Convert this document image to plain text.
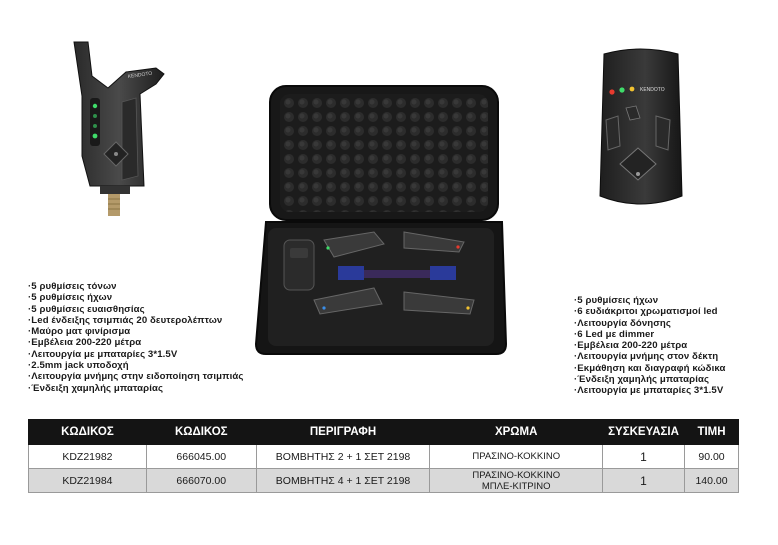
KENDOTO
KENDOTO
·5 ρυθμίσεις τόνων
·5 ρυθμίσεις ήχων
·5 ρυθμίσεις ευαισθησίας
·Led ένδειξης τσιμπιάς 20 δευτερολέπτων
·Μαύρο ματ φινίρισμα
·Εμβέλεια 200-220 μέτρα
·Λειτουργία με μπαταρίες 3*1.5V
·2.5mm jack υποδοχή
·Λειτουργία μνήμης στην ειδοποίηση τσιμπιάς
·Ένδειξη χαμηλής μπαταρίας
·5 ρυθμίσεις ήχων
·6 ευδιάκριτοι χρωματισμοί led
·Λειτουργία δόνησης
·6 Led με dimmer
·Εμβέλεια 200-220 μέτρα
·Λειτουργία μνήμης στον δέκτη
·Εκμάθηση και διαγραφή κώδικα
·Ένδειξη χαμηλής μπαταρίας
·Λειτουργία με μπαταρίες 3*1.5V
ΚΩΔΙΚΟΣ	ΚΩΔΙΚΟΣ	ΠΕΡΙΓΡΑΦΗ	ΧΡΩΜΑ	ΣΥΣΚΕΥΑΣΙΑ	ΤΙΜΗ
KDZ21982	666045.00	ΒΟΜΒΗΤΗΣ 2 + 1 ΣΕΤ 2198	ΠΡΑΣΙΝΟ-ΚΟΚΚΙΝΟ	1	90.00
KDZ21984	666070.00	ΒΟΜΒΗΤΗΣ 4 + 1 ΣΕΤ 2198	ΠΡΑΣΙΝΟ-ΚΟΚΚΙΝΟ
ΜΠΛΕ-ΚΙΤΡΙΝΟ	1	140.00
